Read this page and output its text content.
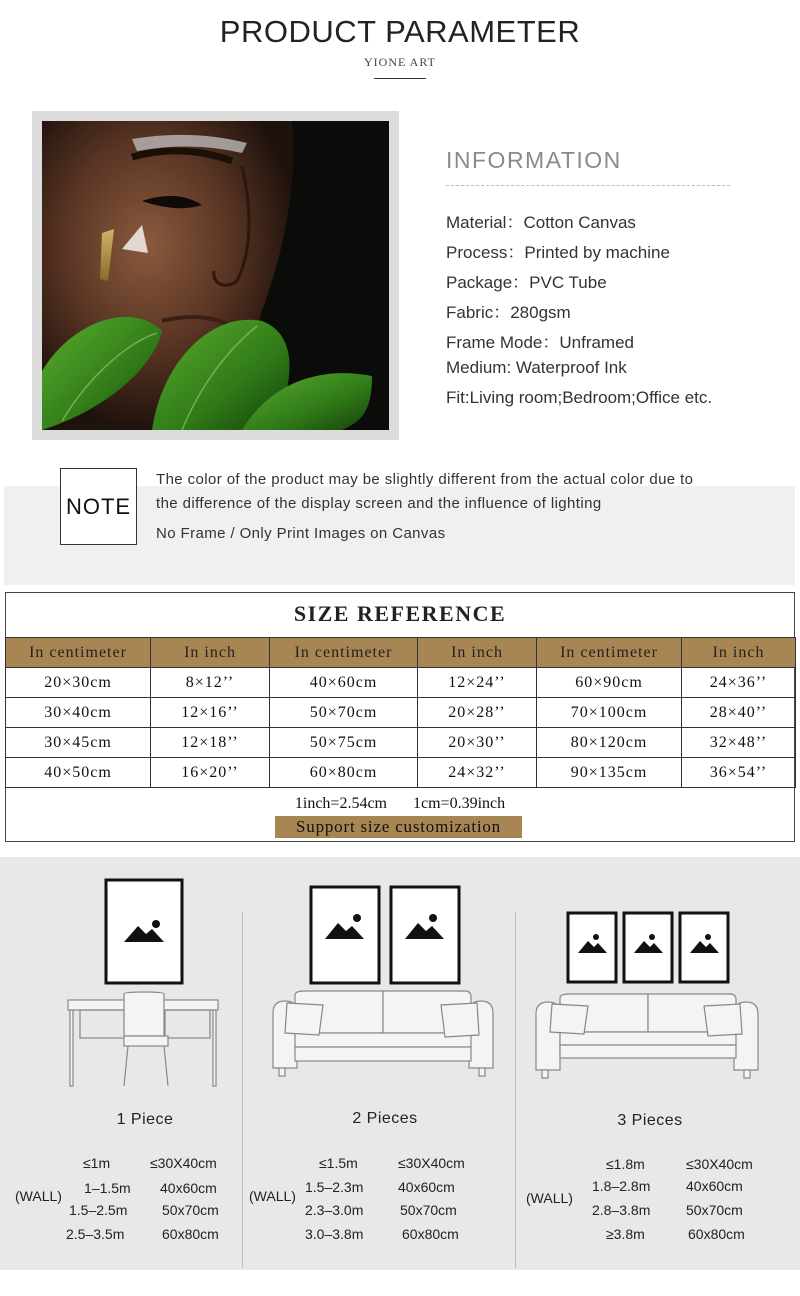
PRODUCT PARAMETER
YIONE ART
INFORMATION
Material：Cotton Canvas
Process：Printed by machine
Package：PVC Tube
Fabric：280gsm
Frame Mode：Unframed
Medium: Waterproof Ink
Fit:Living room;Bedroom;Office etc.
NOTE
The color of the product may be slightly different from the actual color due to
the difference of the display screen and the influence of lighting
No Frame / Only Print Images on Canvas
SIZE REFERENCE
In centimeter	In inch	In centimeter	In inch	In centimeter	In inch
20×30cm	8×12’’	40×60cm	12×24’’	60×90cm	24×36’’
30×40cm	12×16’’	50×70cm	20×28’’	70×100cm	28×40’’
30×45cm	12×18’’	50×75cm	20×30’’	80×120cm	32×48’’
40×50cm	16×20’’	60×80cm	24×32’’	90×135cm	36×54’’
1inch=2.54cm 1cm=0.39inch
Support size customization
1 Piece	2 Pieces	3 Pieces
(WALL)	(WALL)	(WALL)
≤1m	≤30X40cm
1–1.5m 40x60cm
1.5–2.5m 50x70cm
2.5–3.5m	60x80cm
≤1.5m	≤30X40cm
1.5–2.3m 40x60cm
2.3–3.0m	50x70cm
3.0–3.8m	60x80cm
≤1.8m	≤30X40cm
1.8–2.8m	40x60cm
2.8–3.8m	50x70cm
≥3.8m	60x80cm
